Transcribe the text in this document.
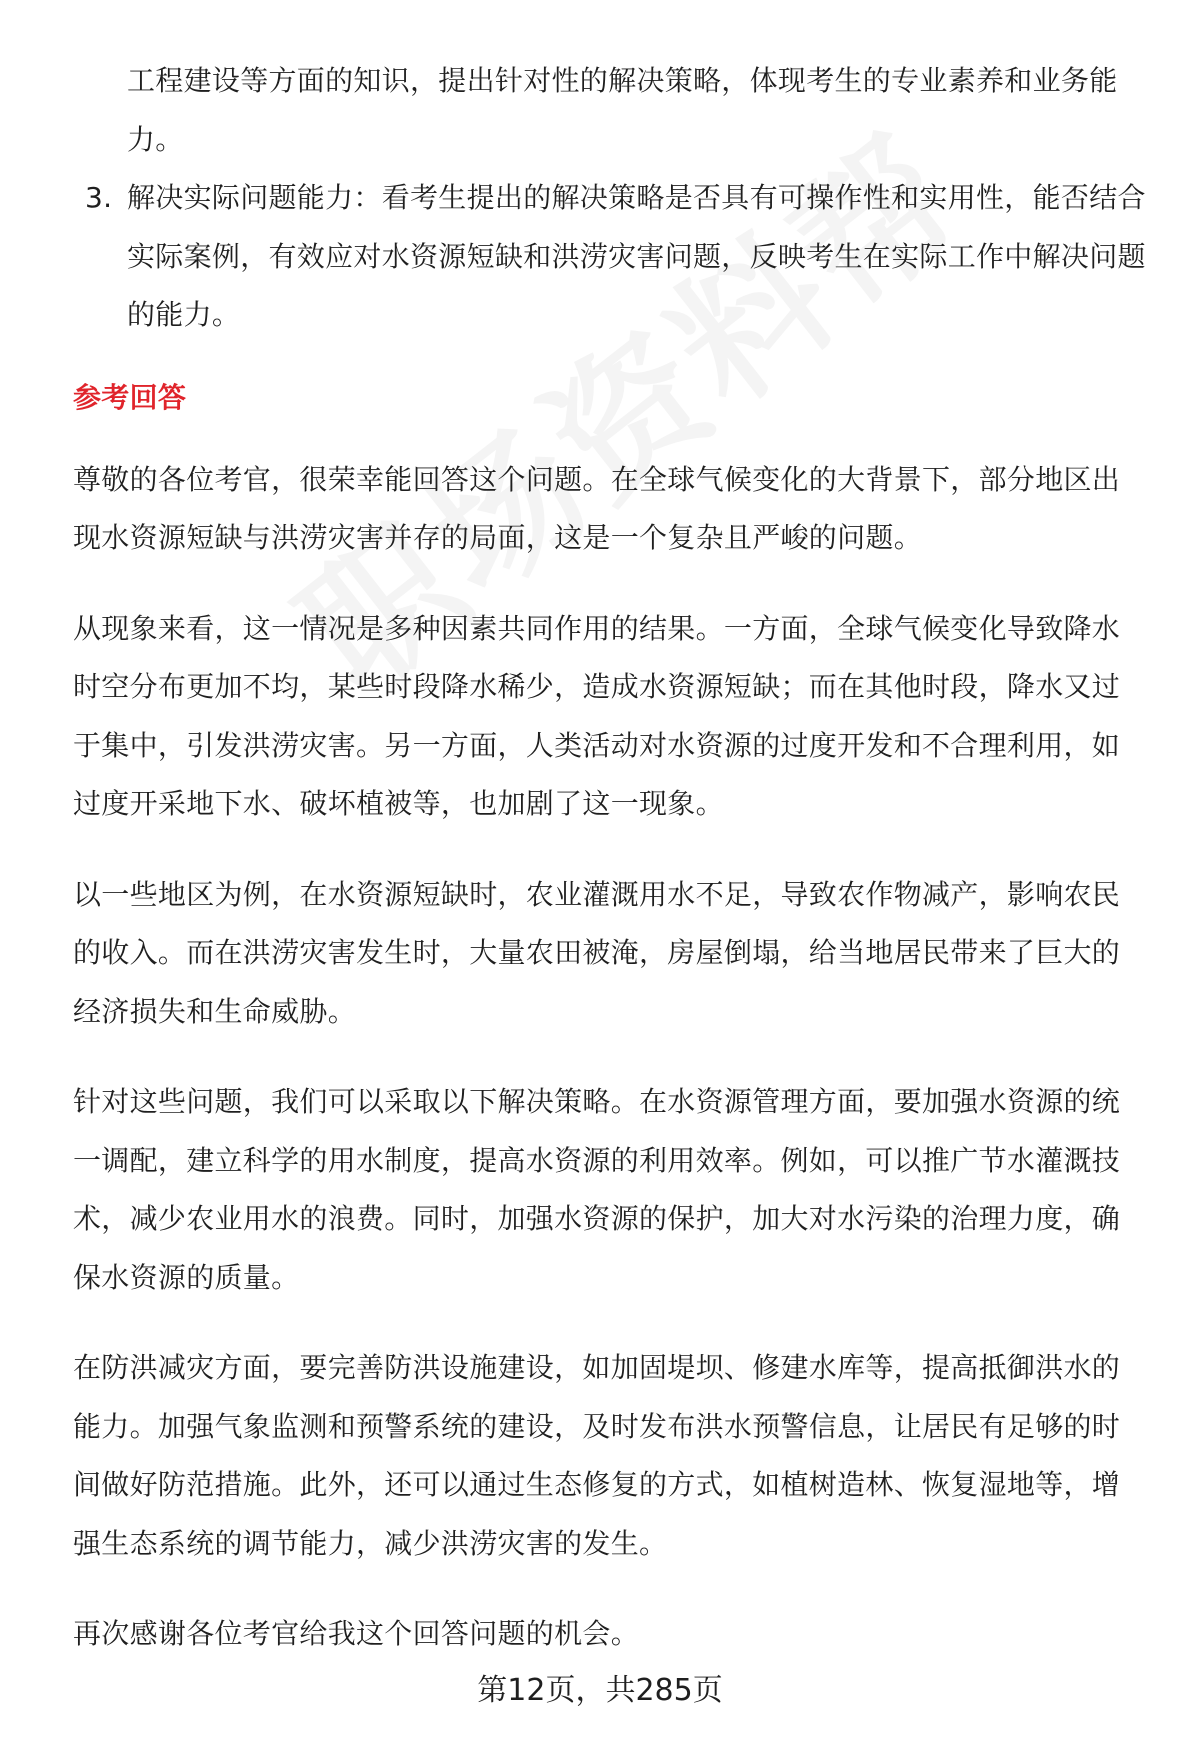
工程建设等方面的知识，提出针对性的解决策略，体现考生的专业素养和业务能力。

3. 解决实际问题能力：看考生提出的解决策略是否具有可操作性和实用性，能否结合实际案例，有效应对水资源短缺和洪涝灾害问题，反映考生在实际工作中解决问题的能力。

参考回答

尊敬的各位考官，很荣幸能回答这个问题。在全球气候变化的大背景下，部分地区出现水资源短缺与洪涝灾害并存的局面，这是一个复杂且严峻的问题。

从现象来看，这一情况是多种因素共同作用的结果。一方面，全球气候变化导致降水时空分布更加不均，某些时段降水稀少，造成水资源短缺；而在其他时段，降水又过于集中，引发洪涝灾害。另一方面，人类活动对水资源的过度开发和不合理利用，如过度开采地下水、破坏植被等，也加剧了这一现象。

以一些地区为例，在水资源短缺时，农业灌溉用水不足，导致农作物减产，影响农民的收入。而在洪涝灾害发生时，大量农田被淹，房屋倒塌，给当地居民带来了巨大的经济损失和生命威胁。

针对这些问题，我们可以采取以下解决策略。在水资源管理方面，要加强水资源的统一调配，建立科学的用水制度，提高水资源的利用效率。例如，可以推广节水灌溉技术，减少农业用水的浪费。同时，加强水资源的保护，加大对水污染的治理力度，确保水资源的质量。

在防洪减灾方面，要完善防洪设施建设，如加固堤坝、修建水库等，提高抵御洪水的能力。加强气象监测和预警系统的建设，及时发布洪水预警信息，让居民有足够的时间做好防范措施。此外，还可以通过生态修复的方式，如植树造林、恢复湿地等，增强生态系统的调节能力，减少洪涝灾害的发生。

再次感谢各位考官给我这个回答问题的机会。

第12页，共285页
